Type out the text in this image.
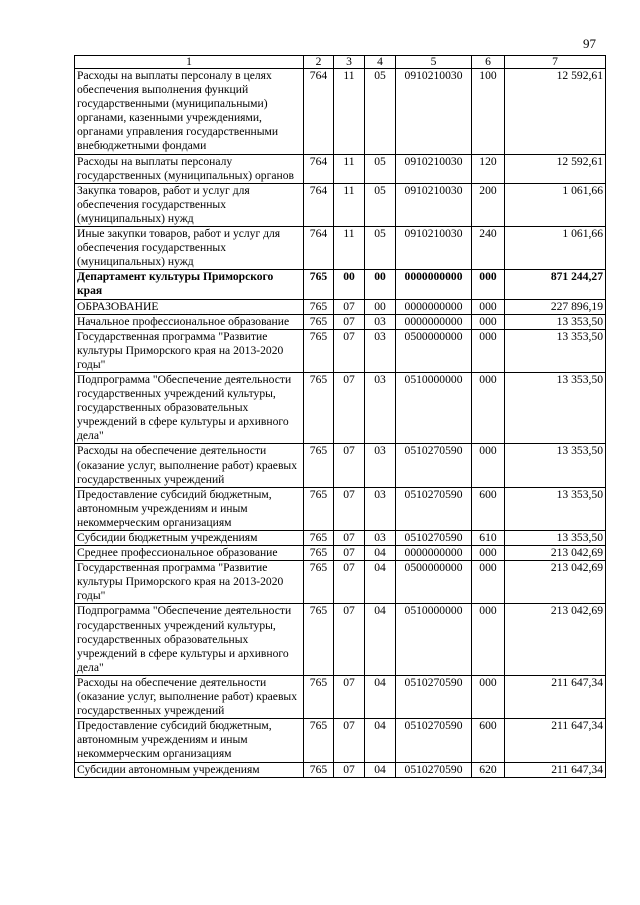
97
1	2	3	4	5	6	7
Расходы на выплаты персоналу в целях обеспечения выполнения функций государственными (муниципальными) органами, казенными учреждениями, органами управления государственными внебюджетными фондами	764	11	05	0910210030	100	12 592,61
Расходы на выплаты персоналу государственных (муниципальных) органов	764	11	05	0910210030	120	12 592,61
Закупка товаров, работ и услуг для обеспечения государственных (муниципальных) нужд	764	11	05	0910210030	200	1 061,66
Иные закупки товаров, работ и услуг для обеспечения государственных (муниципальных) нужд	764	11	05	0910210030	240	1 061,66
Департамент культуры Приморского края	765	00	00	0000000000	000	871 244,27
ОБРАЗОВАНИЕ	765	07	00	0000000000	000	227 896,19
Начальное профессиональное образование	765	07	03	0000000000	000	13 353,50
Государственная программа "Развитие культуры Приморского края на 2013-2020 годы"	765	07	03	0500000000	000	13 353,50
Подпрограмма "Обеспечение деятельности государственных учреждений культуры, государственных образовательных учреждений в сфере культуры и архивного дела"	765	07	03	0510000000	000	13 353,50
Расходы на обеспечение деятельности (оказание услуг, выполнение работ) краевых государственных учреждений	765	07	03	0510270590	000	13 353,50
Предоставление субсидий бюджетным, автономным учреждениям и иным некоммерческим организациям	765	07	03	0510270590	600	13 353,50
Субсидии бюджетным учреждениям	765	07	03	0510270590	610	13 353,50
Среднее профессиональное образование	765	07	04	0000000000	000	213 042,69
Государственная программа "Развитие культуры Приморского края на 2013-2020 годы"	765	07	04	0500000000	000	213 042,69
Подпрограмма "Обеспечение деятельности государственных учреждений культуры, государственных образовательных учреждений в сфере культуры и архивного дела"	765	07	04	0510000000	000	213 042,69
Расходы на обеспечение деятельности (оказание услуг, выполнение работ) краевых государственных учреждений	765	07	04	0510270590	000	211 647,34
Предоставление субсидий бюджетным, автономным учреждениям и иным некоммерческим организациям	765	07	04	0510270590	600	211 647,34
Субсидии автономным учреждениям	765	07	04	0510270590	620	211 647,34
